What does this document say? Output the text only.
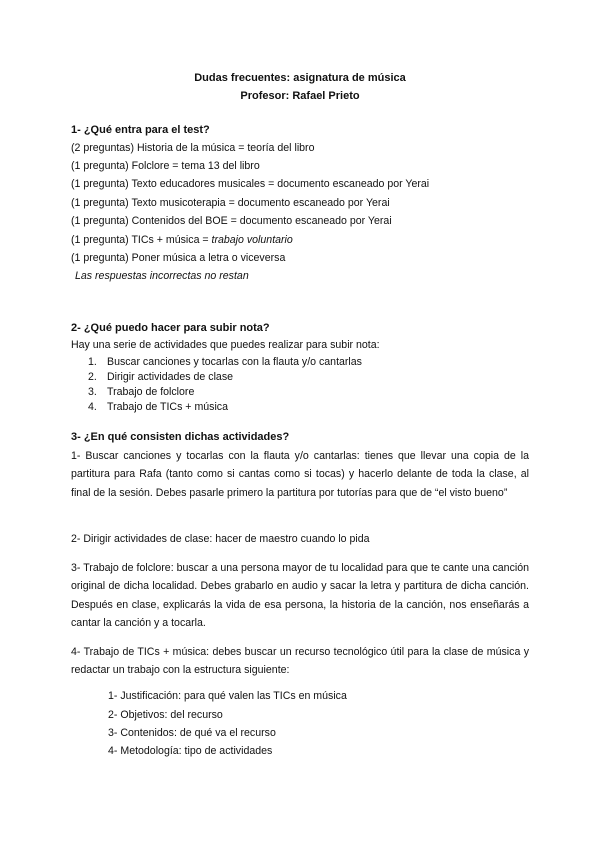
Dudas frecuentes: asignatura de música
Profesor: Rafael Prieto
1- ¿Qué entra para el test?
(2 preguntas) Historia de la música = teoría del libro
(1 pregunta) Folclore = tema 13 del libro
(1 pregunta) Texto educadores musicales = documento escaneado por Yerai
(1 pregunta) Texto musicoterapia = documento escaneado por Yerai
(1 pregunta) Contenidos del BOE = documento escaneado por Yerai
(1 pregunta) TICs + música = trabajo voluntario
(1 pregunta) Poner música a letra o viceversa
Las respuestas incorrectas no restan
2- ¿Qué puedo hacer para subir nota?
Hay una serie de actividades que puedes realizar para subir nota:
1. Buscar canciones y tocarlas con la flauta y/o cantarlas
2. Dirigir actividades de clase
3. Trabajo de folclore
4. Trabajo de TICs + música
3- ¿En qué consisten dichas actividades?
1- Buscar canciones y tocarlas con la flauta y/o cantarlas: tienes que llevar una copia de la partitura para Rafa (tanto como si cantas como si tocas) y hacerlo delante de toda la clase, al final de la sesión. Debes pasarle primero la partitura por tutorías para que de “el visto bueno”
2- Dirigir actividades de clase: hacer de maestro cuando lo pida
3- Trabajo de folclore: buscar a una persona mayor de tu localidad para que te cante una canción original de dicha localidad. Debes grabarlo en audio y sacar la letra y partitura de dicha canción. Después en clase, explicarás la vida de esa persona, la historia de la canción, nos enseñarás a cantar la canción y a tocarla.
4- Trabajo de TICs + música: debes buscar un recurso tecnológico útil para la clase de música y redactar un trabajo con la estructura siguiente:
1- Justificación: para qué valen las TICs en música
2- Objetivos: del recurso
3- Contenidos: de qué va el recurso
4- Metodología: tipo de actividades
